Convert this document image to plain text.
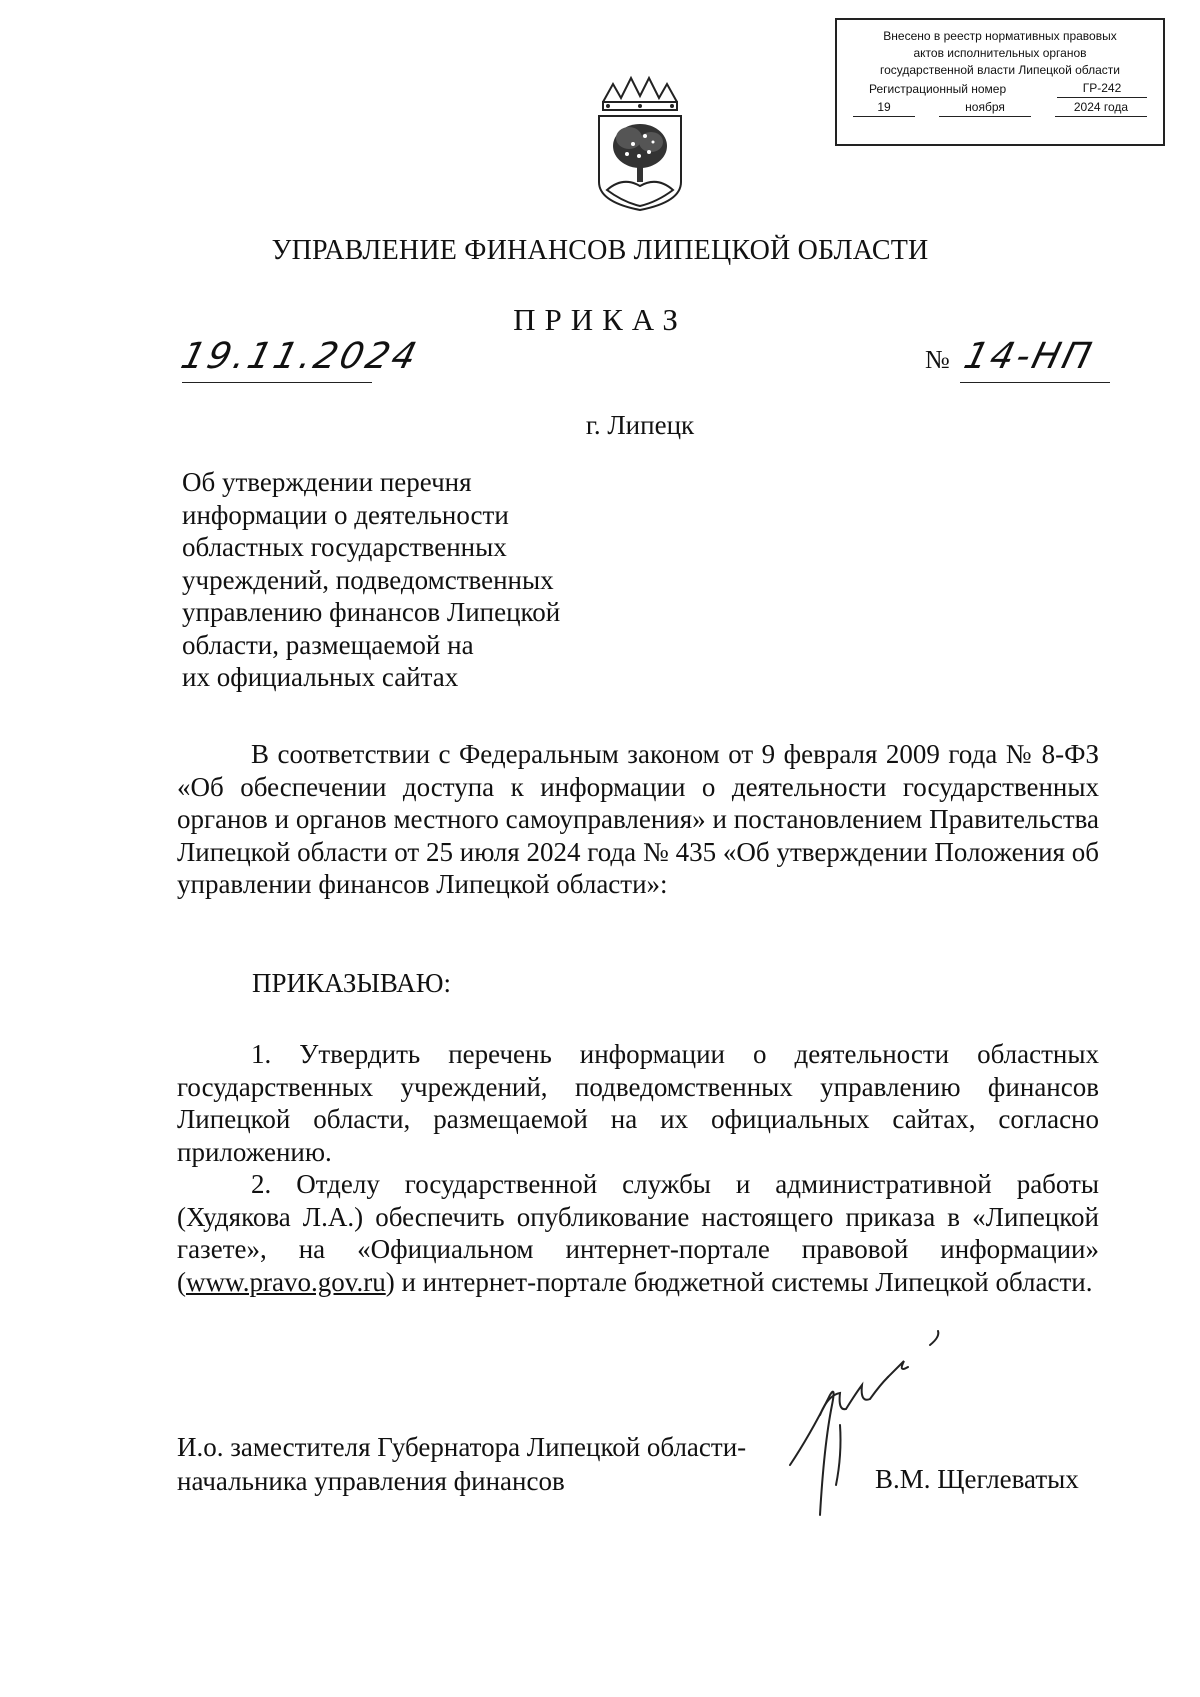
Внесено в реестр нормативных правовых
актов исполнительных органов
государственной власти Липецкой области
Регистрационный номер	ГР-242
19	ноября	2024 года
УПРАВЛЕНИЕ ФИНАНСОВ ЛИПЕЦКОЙ ОБЛАСТИ
ПРИКАЗ
19.11.2024	№ 14-НП
г. Липецк
Об утверждении перечня
информации о деятельности
областных государственных
учреждений, подведомственных
управлению финансов Липецкой
области, размещаемой на
их официальных сайтах

В соответствии с Федеральным законом от 9 февраля 2009 года № 8-ФЗ «Об обеспечении доступа к информации о деятельности государственных органов и органов местного самоуправления» и постановлением Правительства Липецкой области от 25 июля 2024 года № 435 «Об утверждении Положения об управлении финансов Липецкой области»:

ПРИКАЗЫВАЮ:

1. Утвердить перечень информации о деятельности областных государственных учреждений, подведомственных управлению финансов Липецкой области, размещаемой на их официальных сайтах, согласно приложению.

2. Отделу государственной службы и административной работы (Худякова Л.А.) обеспечить опубликование настоящего приказа в «Липецкой газете», на «Официальном интернет-портале правовой информации» (www.pravo.gov.ru) и интернет-портале бюджетной системы Липецкой области.

И.о. заместителя Губернатора Липецкой области-
начальника управления финансов	В.М. Щеглеватых
